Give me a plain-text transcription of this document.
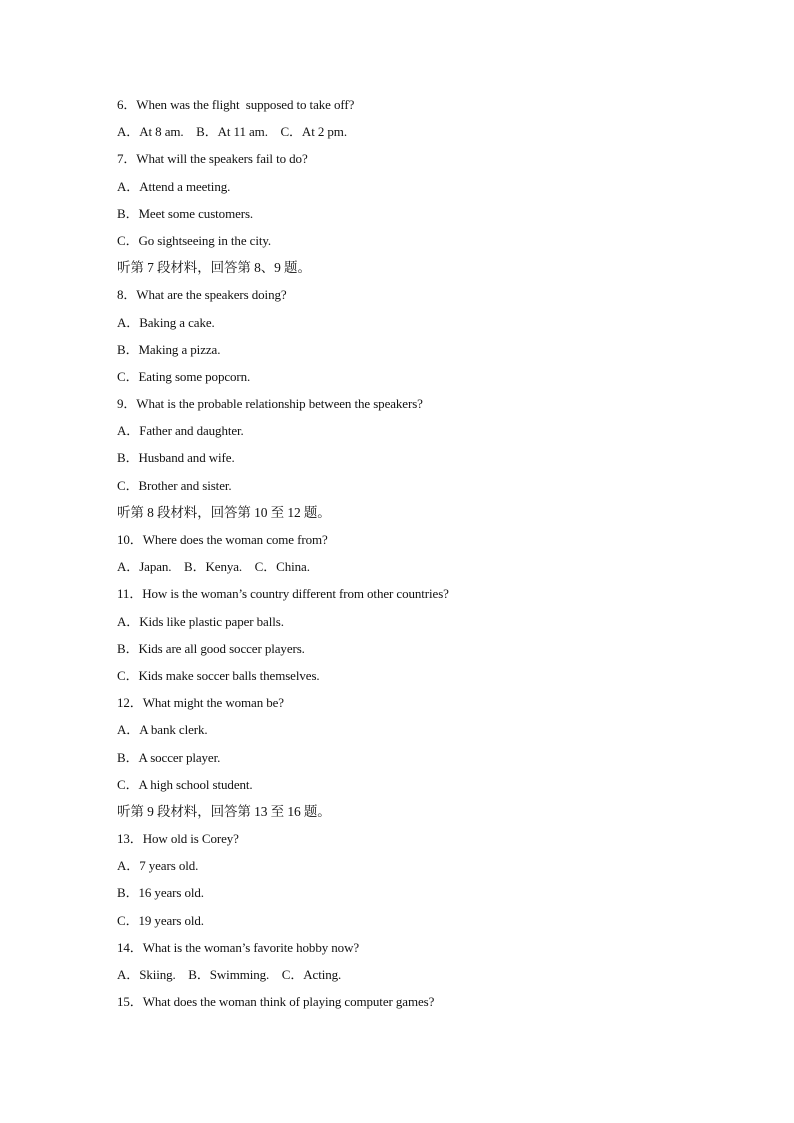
6．When was the flight  supposed to take off?
A．At 8 am.    B．At 11 am.    C．At 2 pm.
7．What will the speakers fail to do?
A．Attend a meeting.
B．Meet some customers.
C．Go sightseeing in the city.
听第 7 段材料，回答第 8、9 题。
8．What are the speakers doing?
A．Baking a cake.
B．Making a pizza.
C．Eating some popcorn.
9．What is the probable relationship between the speakers?
A．Father and daughter.
B．Husband and wife.
C．Brother and sister.
听第 8 段材料，回答第 10 至 12 题。
10．Where does the woman come from?
A．Japan.    B．Kenya.    C．China.
11．How is the woman’s country different from other countries?
A．Kids like plastic paper balls.
B．Kids are all good soccer players.
C．Kids make soccer balls themselves.
12．What might the woman be?
A．A bank clerk.
B．A soccer player.
C．A high school student.
听第 9 段材料，回答第 13 至 16 题。
13．How old is Corey?
A．7 years old.
B．16 years old.
C．19 years old.
14．What is the woman’s favorite hobby now?
A．Skiing.    B．Swimming.    C．Acting.
15．What does the woman think of playing computer games?
